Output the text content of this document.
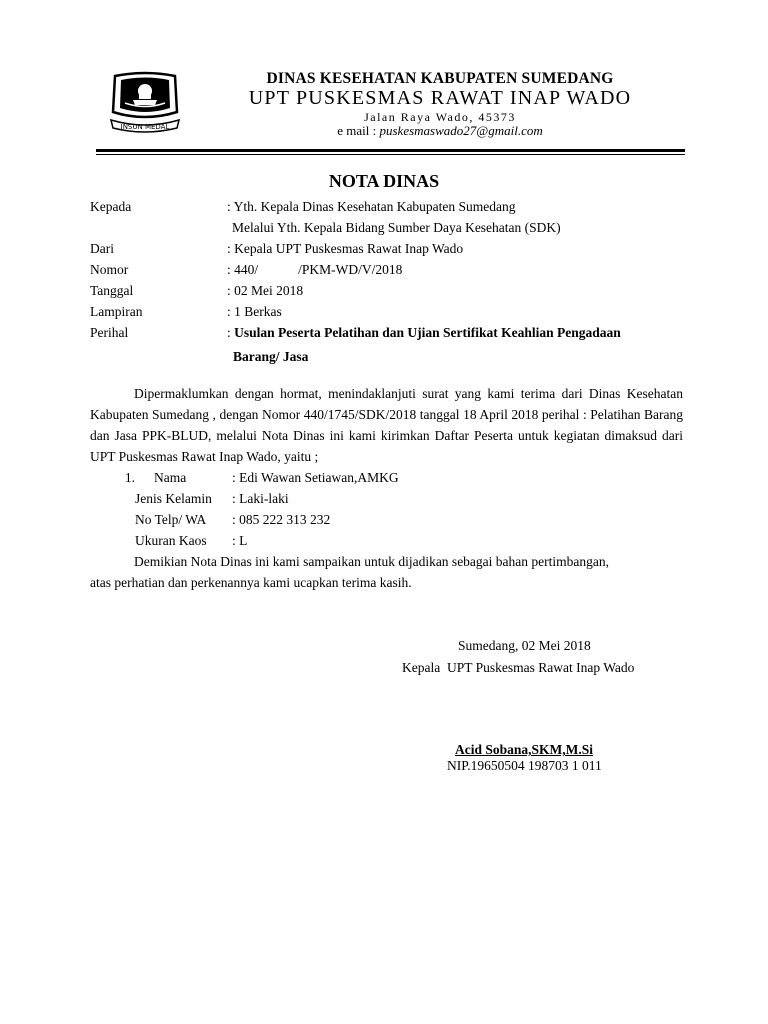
INSUN MEDAL
DINAS KESEHATAN KABUPATEN SUMEDANG
UPT PUSKESMAS RAWAT INAP WADO
Jalan Raya Wado, 45373
e mail : puskesmaswado27@gmail.com
NOTA DINAS
Kepada	: Yth. Kepala Dinas Kesehatan Kabupaten Sumedang
Melalui Yth. Kepala Bidang Sumber Daya Kesehatan (SDK)
Dari	: Kepala UPT Puskesmas Rawat Inap Wado
Nomor	: 440/	/PKM-WD/V/2018
Tanggal	: 02 Mei 2018
Lampiran	: 1 Berkas
Perihal	: Usulan Peserta Pelatihan dan Ujian Sertifikat Keahlian Pengadaan
Barang/ Jasa

Dipermaklumkan dengan hormat, menindaklanjuti surat yang kami terima dari Dinas Kesehatan Kabupaten Sumedang , dengan Nomor 440/1745/SDK/2018 tanggal 18 April 2018 perihal : Pelatihan Barang dan Jasa PPK-BLUD, melalui Nota Dinas ini kami kirimkan Daftar Peserta untuk kegiatan dimaksud dari UPT Puskesmas Rawat Inap Wado, yaitu ;

1.	Nama	: Edi Wawan Setiawan,AMKG
Jenis Kelamin	: Laki-laki
No Telp/ WA	: 085 222 313 232
Ukuran Kaos	: L

Demikian Nota Dinas ini kami sampaikan untuk dijadikan sebagai bahan pertimbangan,

atas perhatian dan perkenannya kami ucapkan terima kasih.

Sumedang, 02 Mei 2018
Kepala  UPT Puskesmas Rawat Inap Wado
Acid Sobana,SKM,M.Si
NIP.19650504 198703 1 011
